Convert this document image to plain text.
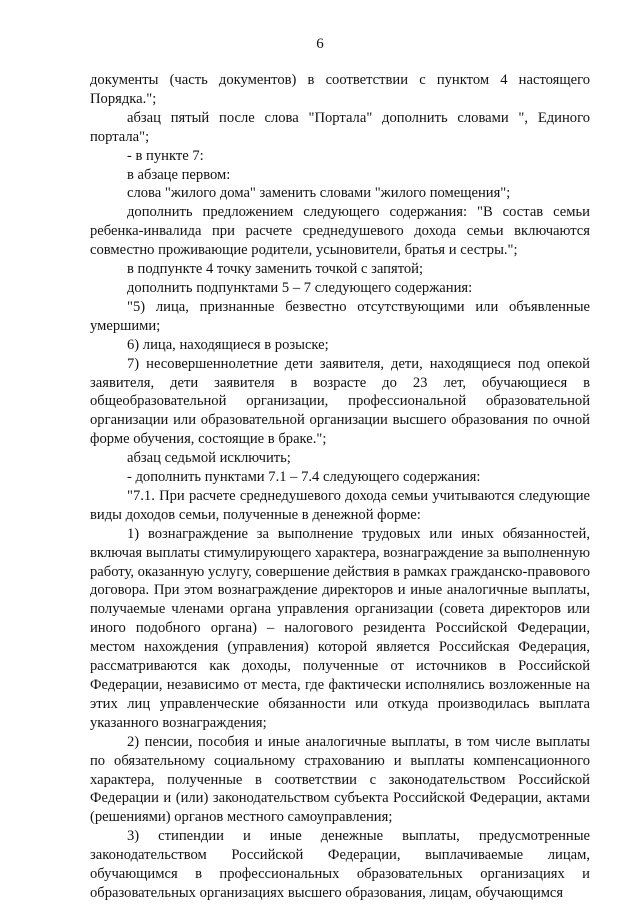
6

документы (часть документов) в соответствии с пунктом 4 настоящего Порядка.";

абзац пятый после слова "Портала" дополнить словами ", Единого портала";

- в пункте 7:

в абзаце первом:

слова "жилого дома" заменить словами "жилого помещения";

дополнить предложением следующего содержания: "В состав семьи ребенка-инвалида при расчете среднедушевого дохода семьи включаются совместно проживающие родители, усыновители, братья и сестры.";

в подпункте 4 точку заменить точкой с запятой;

дополнить подпунктами 5 – 7 следующего содержания:

"5) лица, признанные безвестно отсутствующими или объявленные умершими;

6) лица, находящиеся в розыске;

7) несовершеннолетние дети заявителя, дети, находящиеся под опекой заявителя, дети заявителя в возрасте до 23 лет, обучающиеся в общеобразовательной организации, профессиональной образовательной организации или образовательной организации высшего образования по очной форме обучения, состоящие в браке.";

абзац седьмой исключить;

- дополнить пунктами 7.1 – 7.4 следующего содержания:

"7.1. При расчете среднедушевого дохода семьи учитываются следующие виды доходов семьи, полученные в денежной форме:

1) вознаграждение за выполнение трудовых или иных обязанностей, включая выплаты стимулирующего характера, вознаграждение за выполненную работу, оказанную услугу, совершение действия в рамках гражданско-правового договора. При этом вознаграждение директоров и иные аналогичные выплаты, получаемые членами органа управления организации (совета директоров или иного подобного органа) – налогового резидента Российской Федерации, местом нахождения (управления) которой является Российская Федерация, рассматриваются как доходы, полученные от источников в Российской Федерации, независимо от места, где фактически исполнялись возложенные на этих лиц управленческие обязанности или откуда производилась выплата указанного вознаграждения;

2) пенсии, пособия и иные аналогичные выплаты, в том числе выплаты по обязательному социальному страхованию и выплаты компенсационного характера, полученные в соответствии с законодательством Российской Федерации и (или) законодательством субъекта Российской Федерации, актами (решениями) органов местного самоуправления;

3) стипендии и иные денежные выплаты, предусмотренные законодательством Российской Федерации, выплачиваемые лицам, обучающимся в профессиональных образовательных организациях и образовательных организациях высшего образования, лицам, обучающимся
